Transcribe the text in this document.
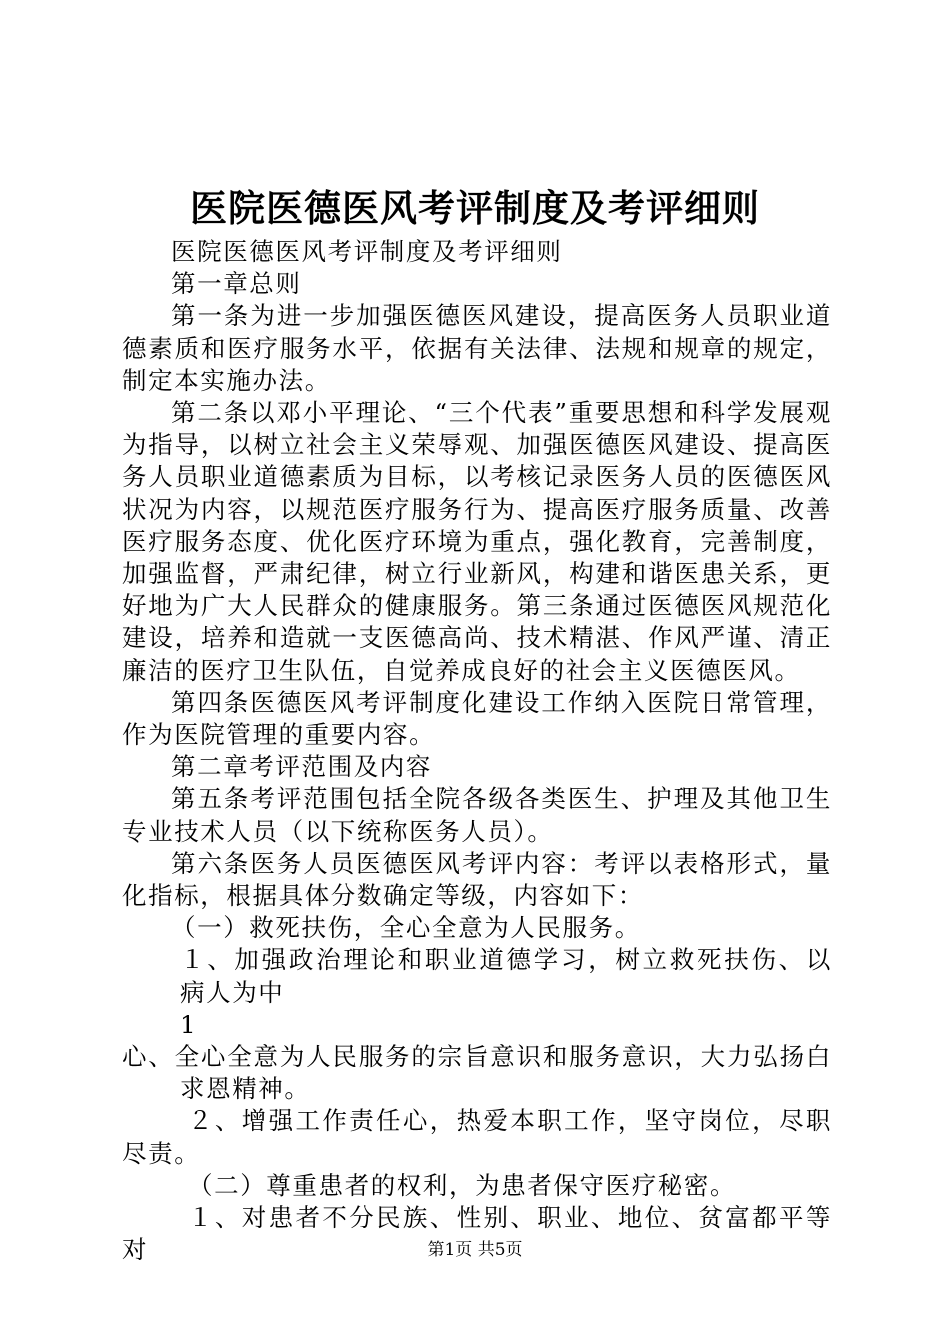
医院医德医风考评制度及考评细则

医院医德医风考评制度及考评细则

第一章总则

第一条为进一步加强医德医风建设，提高医务人员职业道德素质和医疗服务水平，依据有关法律、法规和规章的规定，制定本实施办法。

第二条以邓小平理论、“三个代表”重要思想和科学发展观为指导，以树立社会主义荣辱观、加强医德医风建设、提高医务人员职业道德素质为目标，以考核记录医务人员的医德医风状况为内容，以规范医疗服务行为、提高医疗服务质量、改善医疗服务态度、优化医疗环境为重点，强化教育，完善制度，加强监督，严肃纪律，树立行业新风，构建和谐医患关系，更好地为广大人民群众的健康服务。第三条通过医德医风规范化建设，培养和造就一支医德高尚、技术精湛、作风严谨、清正廉洁的医疗卫生队伍，自觉养成良好的社会主义医德医风。

第四条医德医风考评制度化建设工作纳入医院日常管理，作为医院管理的重要内容。

第二章考评范围及内容

第五条考评范围包括全院各级各类医生、护理及其他卫生专业技术人员（以下统称医务人员）。

第六条医务人员医德医风考评内容：考评以表格形式，量化指标，根据具体分数确定等级，内容如下：

（一）救死扶伤，全心全意为人民服务。

１、加强政治理论和职业道德学习，树立救死扶伤、以病人为中

1

心、全心全意为人民服务的宗旨意识和服务意识，大力弘扬白求恩精神。

２、增强工作责任心，热爱本职工作，坚守岗位，尽职尽责。

（二）尊重患者的权利，为患者保守医疗秘密。

１、对患者不分民族、性别、职业、地位、贫富都平等对	第1页 共5页
